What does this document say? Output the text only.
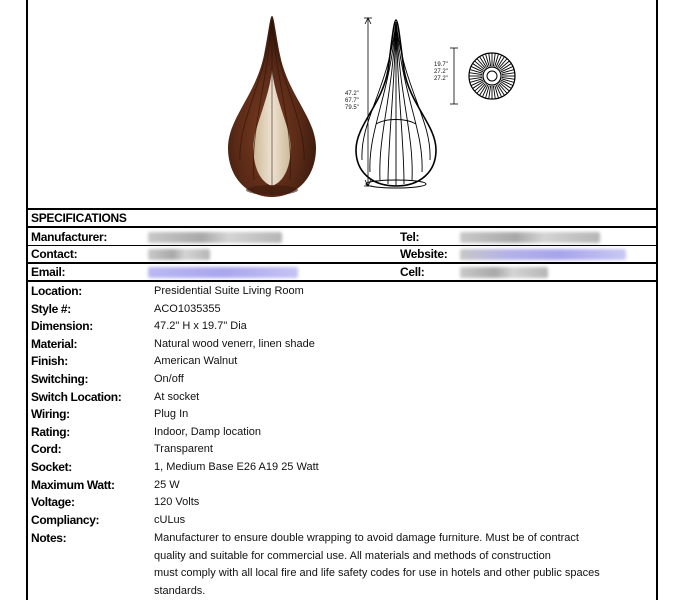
47.2"
67.7"
79.5"
19.7"
27.2"
27.2"
SPECIFICATIONS
Manufacturer:	Tel:
Contact:	Website:
Email:	Cell:
Location:	Presidential Suite Living Room
Style #:	ACO1035355
Dimension:	47.2" H x 19.7" Dia
Material:	Natural wood venerr, linen shade
Finish:	American Walnut
Switching:	On/off
Switch Location:	At socket
Wiring:	Plug In
Rating:	Indoor, Damp location
Cord:	Transparent
Socket:	1, Medium Base E26 A19 25 Watt
Maximum Watt:	25 W
Voltage:	120 Volts
Compliancy:	cULus
Notes:	Manufacturer to ensure double wrapping to avoid damage furniture. Must be of contract
quality and suitable for commercial use. All materials and methods of construction
must comply with all local fire and life safety codes for use in hotels and other public spaces
standards.
